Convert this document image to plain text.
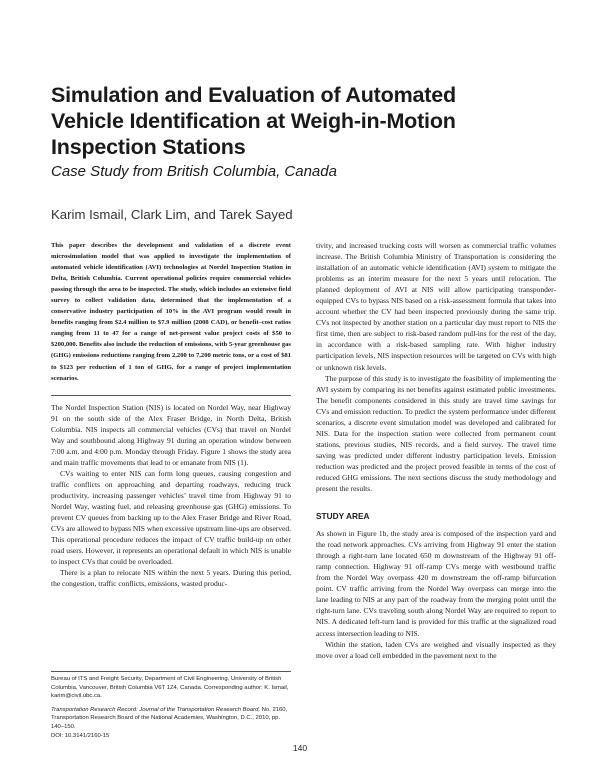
Simulation and Evaluation of Automated
Vehicle Identification at Weigh-in-Motion
Inspection Stations
Case Study from British Columbia, Canada
Karim Ismail, Clark Lim, and Tarek Sayed

This paper describes the development and validation of a discrete event microsimulation model that was applied to investigate the implementation of automated vehicle identification (AVI) technologies at Nordel Inspection Station in Delta, British Columbia. Current operational policies require commercial vehicles passing through the area to be inspected. The study, which includes an extensive field survey to collect validation data, determined that the implementation of a conservative industry participation of 10% in the AVI program would result in benefits ranging from $2.4 million to $7.9 million (2008 CAD), or benefit–cost ratios ranging from 11 to 47 for a range of net-present value project costs of $50 to $200,000. Benefits also include the reduction of emissions, with 5-year greenhouse gas (GHG) emissions reductions ranging from 2,200 to 7,200 metric tons, or a cost of $81 to $123 per reduction of 1 ton of GHG, for a range of project implementation scenarios.

The Nordel Inspection Station (NIS) is located on Nordel Way, near Highway 91 on the south side of the Alex Fraser Bridge, in North Delta, British Columbia. NIS inspects all commercial vehicles (CVs) that travel on Nordel Way and southbound along Highway 91 during an operation window between 7:00 a.m. and 4:00 p.m. Monday through Friday. Figure 1 shows the study area and main traffic movements that lead to or emanate from NIS (1).

CVs waiting to enter NIS can form long queues, causing congestion and traffic conflicts on approaching and departing roadways, reducing truck productivity, increasing passenger vehicles’ travel time from Highway 91 to Nordel Way, wasting fuel, and releasing greenhouse gas (GHG) emissions. To prevent CV queues from backing up to the Alex Fraser Bridge and River Road, CVs are allowed to bypass NIS when excessive upstream line-ups are observed. This operational procedure reduces the impact of CV traffic build-up on other road users. However, it represents an operational default in which NIS is unable to inspect CVs that could be overloaded.

There is a plan to relocate NIS within the next 5 years. During this period, the congestion, traffic conflicts, emissions, wasted produc-

Bureau of ITS and Freight Security, Department of Civil Engineering, University of British Columbia, Vancouver, British Columbia V6T 1Z4, Canada. Corresponding author: K. Ismail, karim@civil.ubc.ca.

Transportation Research Record: Journal of the Transportation Research Board, No. 2160, Transportation Research Board of the National Academies, Washington, D.C., 2010, pp. 140–150.

DOI: 10.3141/2160-15

tivity, and increased trucking costs will worsen as commercial traffic volumes increase. The British Columbia Ministry of Transportation is considering the installation of an automatic vehicle identification (AVI) system to mitigate the problems as an interim measure for the next 5 years until relocation. The planned deployment of AVI at NIS will allow participating transponder-equipped CVs to bypass NIS based on a risk-assessment formula that takes into account whether the CV had been inspected previously during the same trip. CVs not inspected by another station on a particular day must report to NIS the first time, then are subject to risk-based random pull-ins for the rest of the day, in accordance with a risk-based sampling rate. With higher industry participation levels, NIS inspection resources will be targeted on CVs with high or unknown risk levels.

The purpose of this study is to investigate the feasibility of implementing the AVI system by comparing its net benefits against estimated public investments. The benefit components considered in this study are travel time savings for CVs and emission reduction. To predict the system performance under different scenarios, a discrete event simulation model was developed and calibrated for NIS. Data for the inspection station were collected from permanent count stations, previous studies, NIS records, and a field survey. The travel time saving was predicted under different industry participation levels. Emission reduction was predicted and the project proved feasible in terms of the cost of reduced GHG emissions. The next sections discuss the study methodology and present the results.

STUDY AREA

As shown in Figure 1b, the study area is composed of the inspection yard and the road network approaches. CVs arriving from Highway 91 enter the station through a right-turn lane located 650 m downstream of the Highway 91 off-ramp connection. Highway 91 off-ramp CVs merge with westbound traffic from the Nordel Way overpass 420 m downstream the off-ramp bifurcation point. CV traffic arriving from the Nordel Way overpass can merge into the lane leading to NIS at any part of the roadway from the merging point until the right-turn lane. CVs traveling south along Nordel Way are required to report to NIS. A dedicated left-turn land is provided for this traffic at the signalized road access intersection leading to NIS.

Within the station, laden CVs are weighed and visually inspected as they move over a load cell embedded in the pavement next to the

140
